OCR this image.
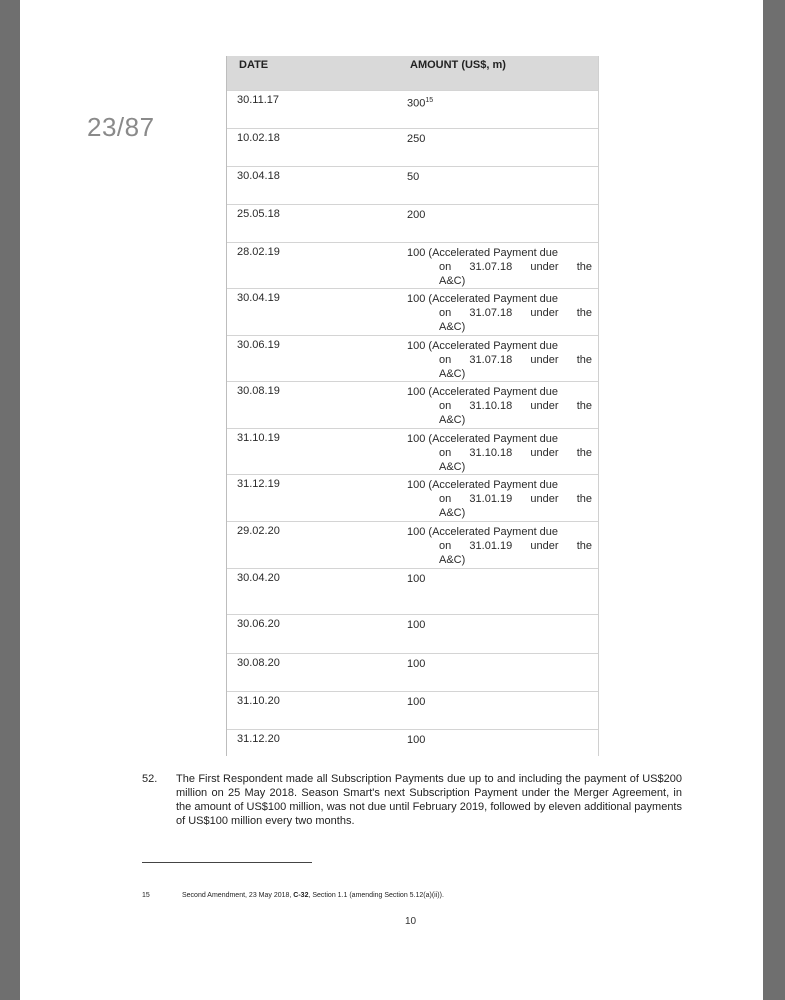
23/87
DATE	AMOUNT (US$, m)
30.11.17	$300^{15}$
10.02.18	250
30.04.18	50
25.05.18	200
28.02.19	100 (Accelerated Payment due
on 31.07.18 under the
A&C)
30.04.19	100 (Accelerated Payment due
on 31.07.18 under the
A&C)
30.06.19	100 (Accelerated Payment due
on 31.07.18 under the
A&C)
30.08.19	100 (Accelerated Payment due
on 31.10.18 under the
A&C)
31.10.19	100 (Accelerated Payment due
on 31.10.18 under the
A&C)
31.12.19	100 (Accelerated Payment due
on 31.01.19 under the
A&C)
29.02.20	100 (Accelerated Payment due
on 31.01.19 under the
A&C)
30.04.20	100
30.06.20	100
30.08.20	100
31.10.20	100
31.12.20	100
52. The First Respondent made all Subscription Payments due up to and including the payment of US$200 million on 25 May 2018. Season Smart's next Subscription Payment under the Merger Agreement, in the amount of US$100 million, was not due until February 2019, followed by eleven additional payments of US$100 million every two months.
15	Second Amendment, 23 May 2018, C-32, Section 1.1 (amending Section 5.12(a)(ii)).
10
